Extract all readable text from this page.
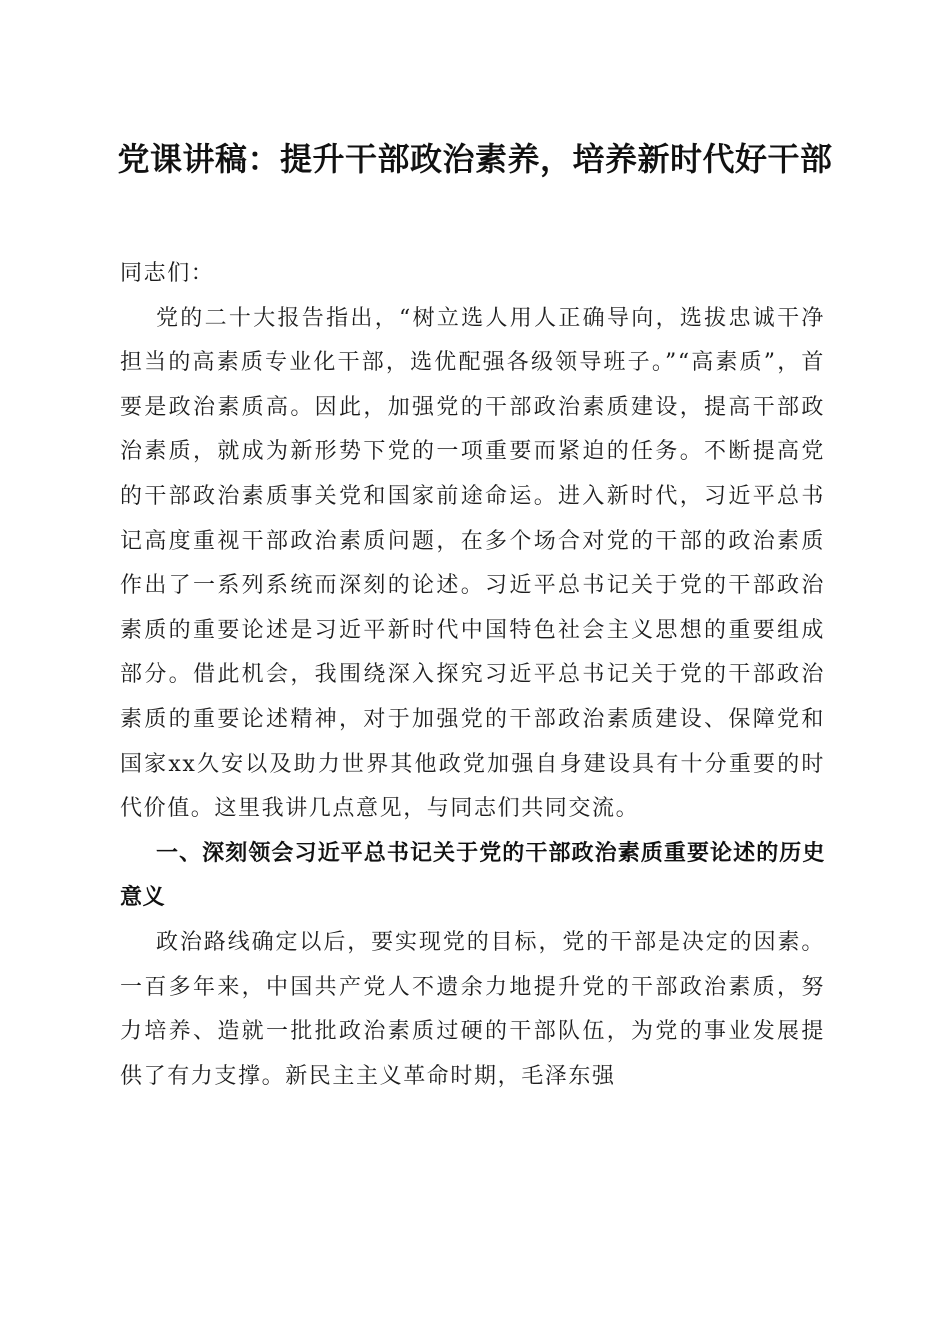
党课讲稿：提升干部政治素养，培养新时代好干部

同志们：

党的二十大报告指出，“树立选人用人正确导向，选拔忠诚干净担当的高素质专业化干部，选优配强各级领导班子。”“高素质”，首要是政治素质高。因此，加强党的干部政治素质建设，提高干部政治素质，就成为新形势下党的一项重要而紧迫的任务。不断提高党的干部政治素质事关党和国家前途命运。进入新时代，习近平总书记高度重视干部政治素质问题，在多个场合对党的干部的政治素质作出了一系列系统而深刻的论述。习近平总书记关于党的干部政治素质的重要论述是习近平新时代中国特色社会主义思想的重要组成部分。借此机会，我围绕深入探究习近平总书记关于党的干部政治素质的重要论述精神，对于加强党的干部政治素质建设、保障党和国家xx久安以及助力世界其他政党加强自身建设具有十分重要的时代价值。这里我讲几点意见，与同志们共同交流。

一、深刻领会习近平总书记关于党的干部政治素质重要论述的历史意义

政治路线确定以后，要实现党的目标，党的干部是决定的因素。一百多年来，中国共产党人不遗余力地提升党的干部政治素质，努力培养、造就一批批政治素质过硬的干部队伍，为党的事业发展提供了有力支撑。新民主主义革命时期，毛泽东强
